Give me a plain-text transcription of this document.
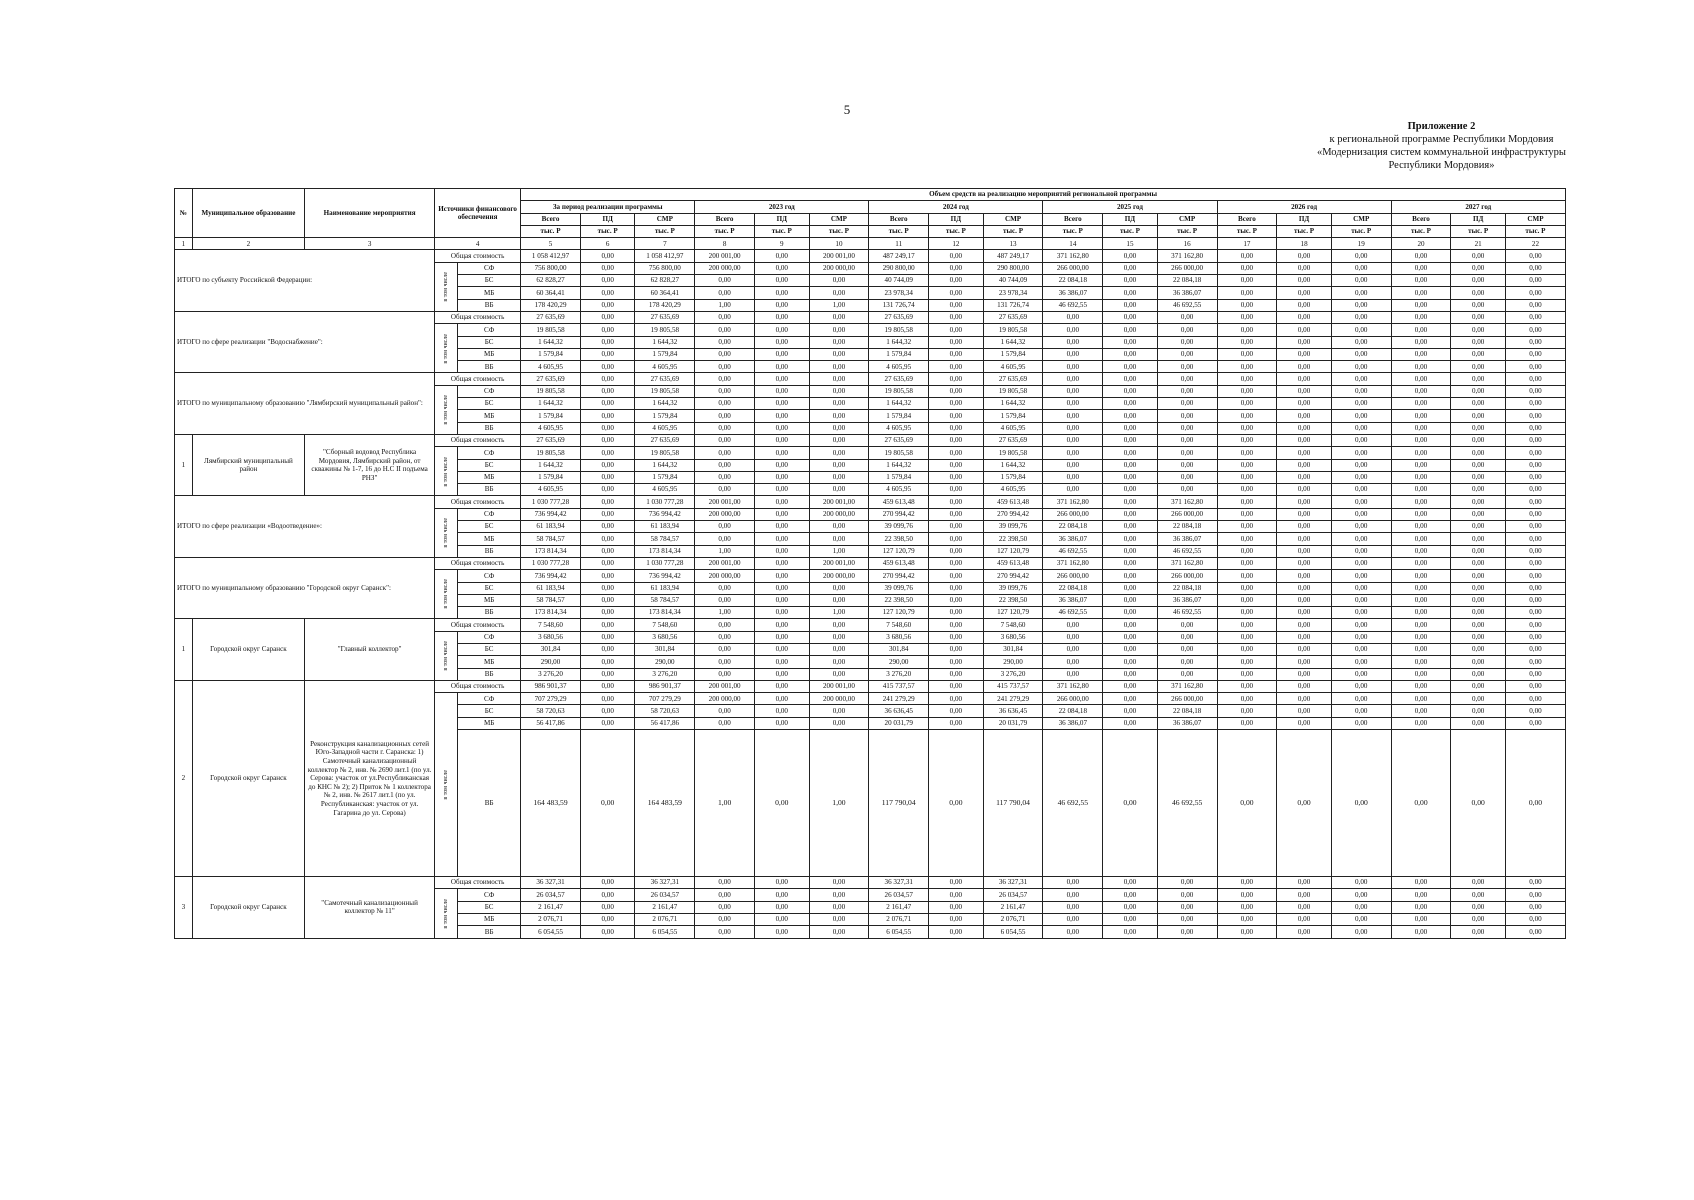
5
Приложение 2
к региональной программе Республики Мордовия
«Модернизация систем коммунальной инфраструктуры
Республики Мордовия»
№	Муниципальное образование	Наименование мероприятия	Источники финансового обеспечения		Объем средств на реализацию мероприятий региональной программы																	
					За период реализации программы			2023 год			2024 год			2025 год			2026 год			2027 год		
					Всего	ПД	СМР	Всего	ПД	СМР	Всего	ПД	СМР	Всего	ПД	СМР	Всего	ПД	СМР	Всего	ПД	СМР
					тыс. Р	тыс. Р	тыс. Р	тыс. Р	тыс. Р	тыс. Р	тыс. Р	тыс. Р	тыс. Р	тыс. Р	тыс. Р	тыс. Р	тыс. Р	тыс. Р	тыс. Р	тыс. Р	тыс. Р	тыс. Р
1	2	3	4		5	6	7	8	9	10	11	12	13	14	15	16	17	18	19	20	21	22
ИТОГО по субъекту Российской Федерации:			Общая стоимость		1 058 412,97	0,00	1 058 412,97	200 001,00	0,00	200 001,00	487 249,17	0,00	487 249,17	371 162,80	0,00	371 162,80	0,00	0,00	0,00	0,00	0,00	0,00

			в том числе	СФ	756 800,00	0,00	756 800,00	200 000,00	0,00	200 000,00	290 800,00	0,00	290 800,00	266 000,00	0,00	266 000,00	0,00	0,00	0,00	0,00	0,00	0,00
				БС	62 828,27	0,00	62 828,27	0,00	0,00	0,00	40 744,09	0,00	40 744,09	22 084,18	0,00	22 084,18	0,00	0,00	0,00	0,00	0,00	0,00
				МБ	60 364,41	0,00	60 364,41	0,00	0,00	0,00	23 978,34	0,00	23 978,34	36 386,07	0,00	36 386,07	0,00	0,00	0,00	0,00	0,00	0,00
				ВБ	178 420,29	0,00	178 420,29	1,00	0,00	1,00	131 726,74	0,00	131 726,74	46 692,55	0,00	46 692,55	0,00	0,00	0,00	0,00	0,00	0,00
ИТОГО по сфере реализации "Водоснабжение":			Общая стоимость		27 635,69	0,00	27 635,69	0,00	0,00	0,00	27 635,69	0,00	27 635,69	0,00	0,00	0,00	0,00	0,00	0,00	0,00	0,00	0,00

			в том числе	СФ	19 805,58	0,00	19 805,58	0,00	0,00	0,00	19 805,58	0,00	19 805,58	0,00	0,00	0,00	0,00	0,00	0,00	0,00	0,00	0,00
				БС	1 644,32	0,00	1 644,32	0,00	0,00	0,00	1 644,32	0,00	1 644,32	0,00	0,00	0,00	0,00	0,00	0,00	0,00	0,00	0,00
				МБ	1 579,84	0,00	1 579,84	0,00	0,00	0,00	1 579,84	0,00	1 579,84	0,00	0,00	0,00	0,00	0,00	0,00	0,00	0,00	0,00
				ВБ	4 605,95	0,00	4 605,95	0,00	0,00	0,00	4 605,95	0,00	4 605,95	0,00	0,00	0,00	0,00	0,00	0,00	0,00	0,00	0,00
ИТОГО по муниципальному образованию "Лямбирский муниципальный район":			Общая стоимость		27 635,69	0,00	27 635,69	0,00	0,00	0,00	27 635,69	0,00	27 635,69	0,00	0,00	0,00	0,00	0,00	0,00	0,00	0,00	0,00

			в том числе	СФ	19 805,58	0,00	19 805,58	0,00	0,00	0,00	19 805,58	0,00	19 805,58	0,00	0,00	0,00	0,00	0,00	0,00	0,00	0,00	0,00
				БС	1 644,32	0,00	1 644,32	0,00	0,00	0,00	1 644,32	0,00	1 644,32	0,00	0,00	0,00	0,00	0,00	0,00	0,00	0,00	0,00
				МБ	1 579,84	0,00	1 579,84	0,00	0,00	0,00	1 579,84	0,00	1 579,84	0,00	0,00	0,00	0,00	0,00	0,00	0,00	0,00	0,00
				ВБ	4 605,95	0,00	4 605,95	0,00	0,00	0,00	4 605,95	0,00	4 605,95	0,00	0,00	0,00	0,00	0,00	0,00	0,00	0,00	0,00
1	Лямбирский муниципальный район	"Сборный водовод Республика Мордовия, Лямбирский район, от скважины № 1-7, 16 до Н.С II подъема РНЗ"	Общая стоимость		27 635,69	0,00	27 635,69	0,00	0,00	0,00	27 635,69	0,00	27 635,69	0,00	0,00	0,00	0,00	0,00	0,00	0,00	0,00	0,00

			в том числе	СФ	19 805,58	0,00	19 805,58	0,00	0,00	0,00	19 805,58	0,00	19 805,58	0,00	0,00	0,00	0,00	0,00	0,00	0,00	0,00	0,00
				БС	1 644,32	0,00	1 644,32	0,00	0,00	0,00	1 644,32	0,00	1 644,32	0,00	0,00	0,00	0,00	0,00	0,00	0,00	0,00	0,00
				МБ	1 579,84	0,00	1 579,84	0,00	0,00	0,00	1 579,84	0,00	1 579,84	0,00	0,00	0,00	0,00	0,00	0,00	0,00	0,00	0,00
				ВБ	4 605,95	0,00	4 605,95	0,00	0,00	0,00	4 605,95	0,00	4 605,95	0,00	0,00	0,00	0,00	0,00	0,00	0,00	0,00	0,00
ИТОГО по сфере реализации «Водоотведение»:			Общая стоимость		1 030 777,28	0,00	1 030 777,28	200 001,00	0,00	200 001,00	459 613,48	0,00	459 613,48	371 162,80	0,00	371 162,80	0,00	0,00	0,00	0,00	0,00	0,00

			в том числе	СФ	736 994,42	0,00	736 994,42	200 000,00	0,00	200 000,00	270 994,42	0,00	270 994,42	266 000,00	0,00	266 000,00	0,00	0,00	0,00	0,00	0,00	0,00
				БС	61 183,94	0,00	61 183,94	0,00	0,00	0,00	39 099,76	0,00	39 099,76	22 084,18	0,00	22 084,18	0,00	0,00	0,00	0,00	0,00	0,00
				МБ	58 784,57	0,00	58 784,57	0,00	0,00	0,00	22 398,50	0,00	22 398,50	36 386,07	0,00	36 386,07	0,00	0,00	0,00	0,00	0,00	0,00
				ВБ	173 814,34	0,00	173 814,34	1,00	0,00	1,00	127 120,79	0,00	127 120,79	46 692,55	0,00	46 692,55	0,00	0,00	0,00	0,00	0,00	0,00
ИТОГО по муниципальному образованию "Городской округ Саранск":			Общая стоимость		1 030 777,28	0,00	1 030 777,28	200 001,00	0,00	200 001,00	459 613,48	0,00	459 613,48	371 162,80	0,00	371 162,80	0,00	0,00	0,00	0,00	0,00	0,00

			в том числе	СФ	736 994,42	0,00	736 994,42	200 000,00	0,00	200 000,00	270 994,42	0,00	270 994,42	266 000,00	0,00	266 000,00	0,00	0,00	0,00	0,00	0,00	0,00
				БС	61 183,94	0,00	61 183,94	0,00	0,00	0,00	39 099,76	0,00	39 099,76	22 084,18	0,00	22 084,18	0,00	0,00	0,00	0,00	0,00	0,00
				МБ	58 784,57	0,00	58 784,57	0,00	0,00	0,00	22 398,50	0,00	22 398,50	36 386,07	0,00	36 386,07	0,00	0,00	0,00	0,00	0,00	0,00
				ВБ	173 814,34	0,00	173 814,34	1,00	0,00	1,00	127 120,79	0,00	127 120,79	46 692,55	0,00	46 692,55	0,00	0,00	0,00	0,00	0,00	0,00
1	Городской округ Саранск	"Главный коллектор"	Общая стоимость		7 548,60	0,00	7 548,60	0,00	0,00	0,00	7 548,60	0,00	7 548,60	0,00	0,00	0,00	0,00	0,00	0,00	0,00	0,00	0,00

			в том числе	СФ	3 680,56	0,00	3 680,56	0,00	0,00	0,00	3 680,56	0,00	3 680,56	0,00	0,00	0,00	0,00	0,00	0,00	0,00	0,00	0,00
				БС	301,84	0,00	301,84	0,00	0,00	0,00	301,84	0,00	301,84	0,00	0,00	0,00	0,00	0,00	0,00	0,00	0,00	0,00
				МБ	290,00	0,00	290,00	0,00	0,00	0,00	290,00	0,00	290,00	0,00	0,00	0,00	0,00	0,00	0,00	0,00	0,00	0,00
				ВБ	3 276,20	0,00	3 276,20	0,00	0,00	0,00	3 276,20	0,00	3 276,20	0,00	0,00	0,00	0,00	0,00	0,00	0,00	0,00	0,00
2	Городской округ Саранск	Реконструкция канализационных сетей Юго-Западной части г. Саранска: 1) Самотечный канализационный коллектор № 2, инв. № 2690 лит.1 (по ул. Серова: участок от ул.Республиканская до КНС № 2); 2) Приток № 1 коллектора № 2, инв. № 2617 лит.1 (по ул. Республиканская: участок от ул. Гагарина до ул. Серова)	Общая стоимость		986 901,37	0,00	986 901,37	200 001,00	0,00	200 001,00	415 737,57	0,00	415 737,57	371 162,80	0,00	371 162,80	0,00	0,00	0,00	0,00	0,00	0,00

			в том числе	СФ	707 279,29	0,00	707 279,29	200 000,00	0,00	200 000,00	241 279,29	0,00	241 279,29	266 000,00	0,00	266 000,00	0,00	0,00	0,00	0,00	0,00	0,00
				БС	58 720,63	0,00	58 720,63	0,00	0,00	0,00	36 636,45	0,00	36 636,45	22 084,18	0,00	22 084,18	0,00	0,00	0,00	0,00	0,00	0,00
				МБ	56 417,86	0,00	56 417,86	0,00	0,00	0,00	20 031,79	0,00	20 031,79	36 386,07	0,00	36 386,07	0,00	0,00	0,00	0,00	0,00	0,00
				ВБ	164 483,59	0,00	164 483,59	1,00	0,00	1,00	117 790,04	0,00	117 790,04	46 692,55	0,00	46 692,55	0,00	0,00	0,00	0,00	0,00	0,00
3	Городской округ Саранск	"Самотечный канализационный коллектор № 11"	Общая стоимость		36 327,31	0,00	36 327,31	0,00	0,00	0,00	36 327,31	0,00	36 327,31	0,00	0,00	0,00	0,00	0,00	0,00	0,00	0,00	0,00

			в том числе	СФ	26 034,57	0,00	26 034,57	0,00	0,00	0,00	26 034,57	0,00	26 034,57	0,00	0,00	0,00	0,00	0,00	0,00	0,00	0,00	0,00
				БС	2 161,47	0,00	2 161,47	0,00	0,00	0,00	2 161,47	0,00	2 161,47	0,00	0,00	0,00	0,00	0,00	0,00	0,00	0,00	0,00
				МБ	2 076,71	0,00	2 076,71	0,00	0,00	0,00	2 076,71	0,00	2 076,71	0,00	0,00	0,00	0,00	0,00	0,00	0,00	0,00	0,00
				ВБ	6 054,55	0,00	6 054,55	0,00	0,00	0,00	6 054,55	0,00	6 054,55	0,00	0,00	0,00	0,00	0,00	0,00	0,00	0,00	0,00
